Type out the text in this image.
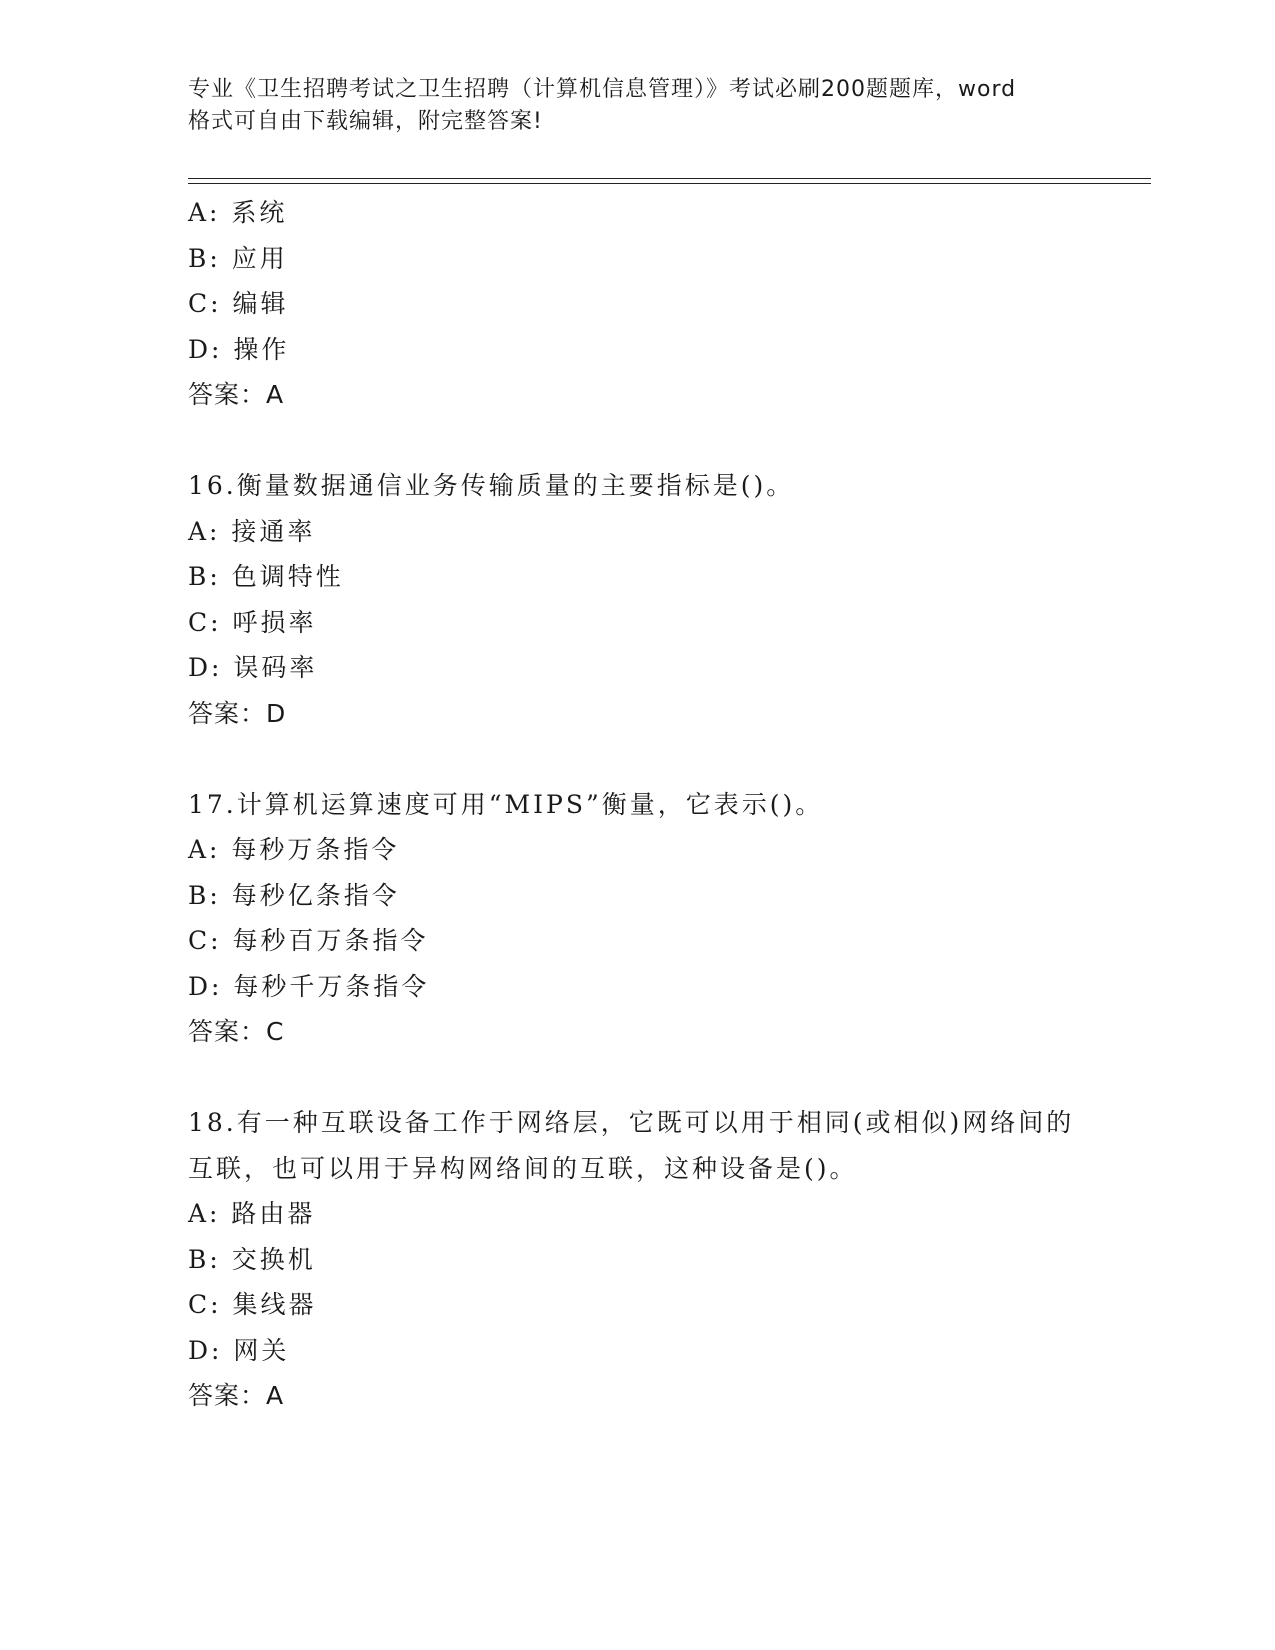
专业《卫生招聘考试之卫生招聘（计算机信息管理）》考试必刷200题题库，word
格式可自由下载编辑，附完整答案!
A: 系统
B: 应用
C: 编辑
D: 操作
答案：A
16.衡量数据通信业务传输质量的主要指标是()。
A: 接通率
B: 色调特性
C: 呼损率
D: 误码率
答案：D
17.计算机运算速度可用“MIPS”衡量，它表示()。
A: 每秒万条指令
B: 每秒亿条指令
C: 每秒百万条指令
D: 每秒千万条指令
答案：C
18.有一种互联设备工作于网络层，它既可以用于相同(或相似)网络间的互联，也可以用于异构网络间的互联，这种设备是()。
A: 路由器
B: 交换机
C: 集线器
D: 网关
答案：A
